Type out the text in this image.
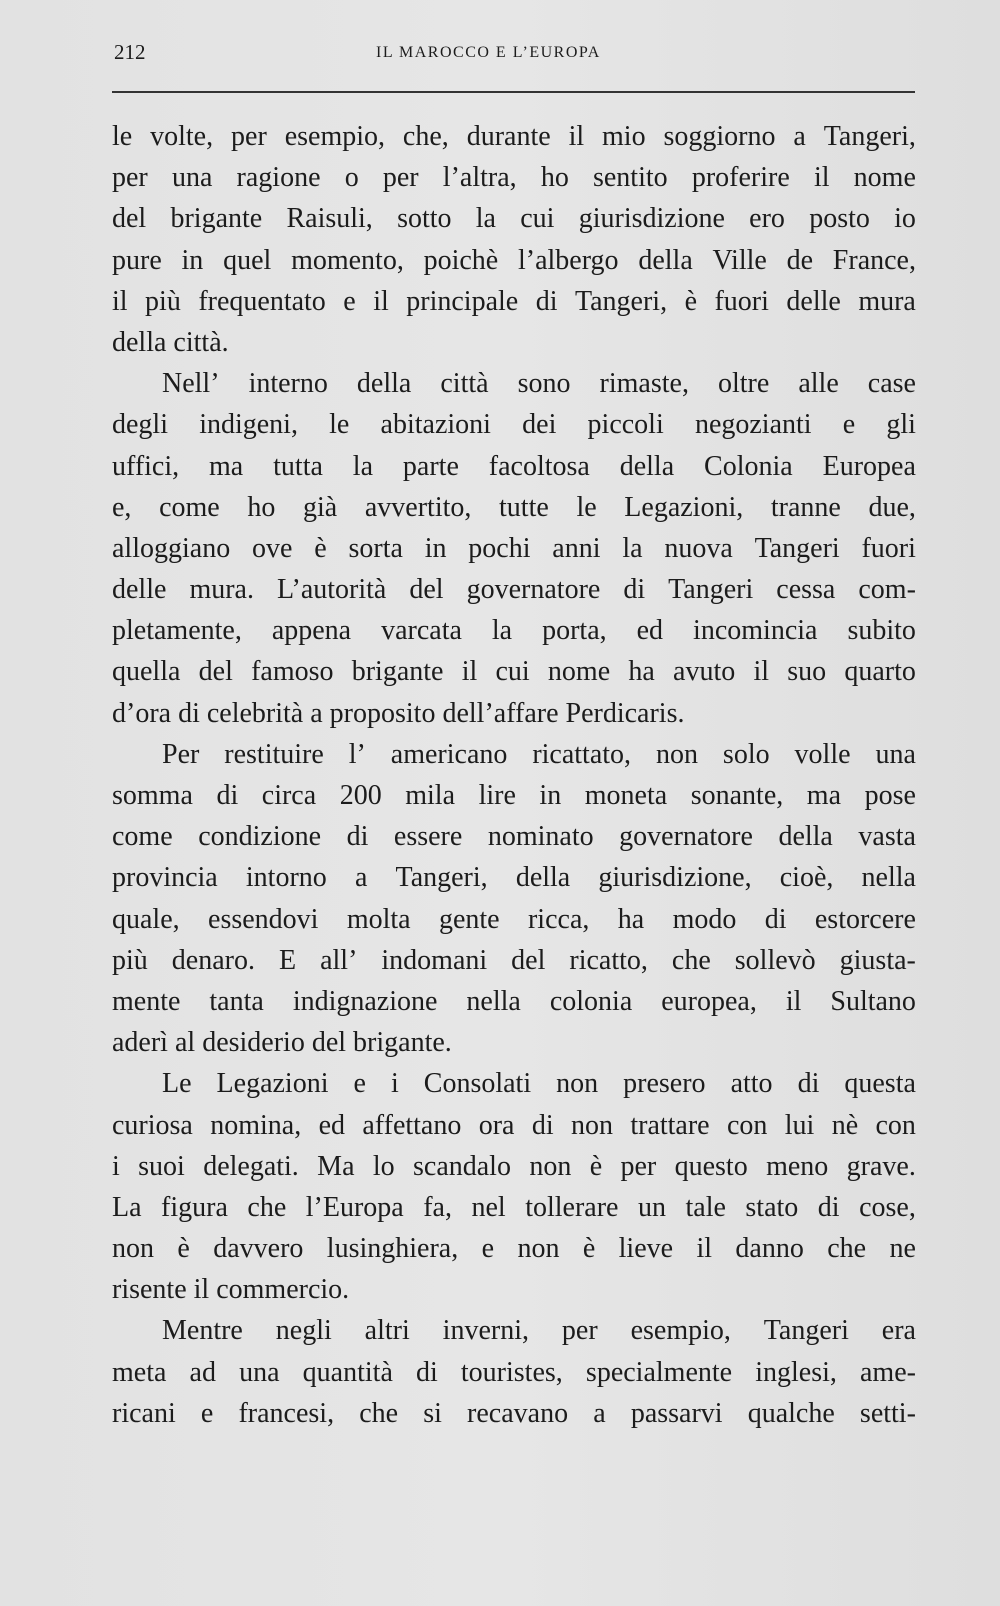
212	IL MAROCCO E L’EUROPA
le volte, per esempio, che, durante il mio soggiorno a Tangeri,
per una ragione o per l’altra, ho sentito proferire il nome
del brigante Raisuli, sotto la cui giurisdizione ero posto io
pure in quel momento, poichè l’albergo della Ville de France,
il più frequentato e il principale di Tangeri, è fuori delle mura
della città.
Nell’ interno della città sono rimaste, oltre alle case
degli indigeni, le abitazioni dei piccoli negozianti e gli
uffici, ma tutta la parte facoltosa della Colonia Europea
e, come ho già avvertito, tutte le Legazioni, tranne due,
alloggiano ove è sorta in pochi anni la nuova Tangeri fuori
delle mura. L’autorità del governatore di Tangeri cessa com-
pletamente, appena varcata la porta, ed incomincia subito
quella del famoso brigante il cui nome ha avuto il suo quarto
d’ora di celebrità a proposito dell’affare Perdicaris.
Per restituire l’ americano ricattato, non solo volle una
somma di circa 200 mila lire in moneta sonante, ma pose
come condizione di essere nominato governatore della vasta
provincia intorno a Tangeri, della giurisdizione, cioè, nella
quale, essendovi molta gente ricca, ha modo di estorcere
più denaro. E all’ indomani del ricatto, che sollevò giusta-
mente tanta indignazione nella colonia europea, il Sultano
aderì al desiderio del brigante.
Le Legazioni e i Consolati non presero atto di questa
curiosa nomina, ed affettano ora di non trattare con lui nè con
i suoi delegati. Ma lo scandalo non è per questo meno grave.
La figura che l’Europa fa, nel tollerare un tale stato di cose,
non è davvero lusinghiera, e non è lieve il danno che ne
risente il commercio.
Mentre negli altri inverni, per esempio, Tangeri era
meta ad una quantità di touristes, specialmente inglesi, ame-
ricani e francesi, che si recavano a passarvi qualche setti-
